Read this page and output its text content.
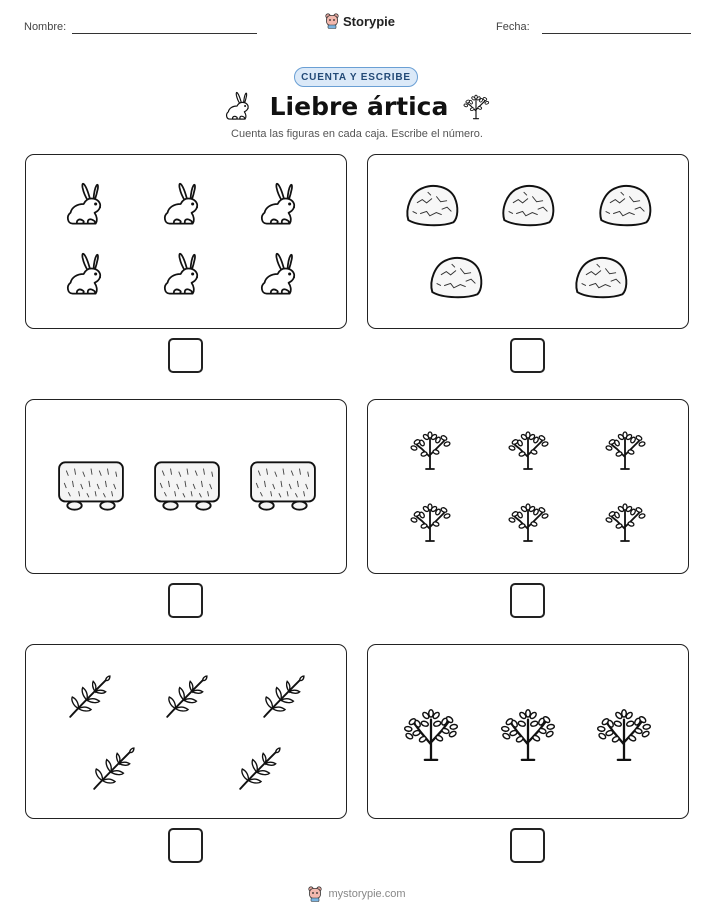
Nombre:	Storypie	Fecha:
CUENTA Y ESCRIBE
Liebre ártica
Cuenta las figuras en cada caja. Escribe el número.
mystorypie.com
